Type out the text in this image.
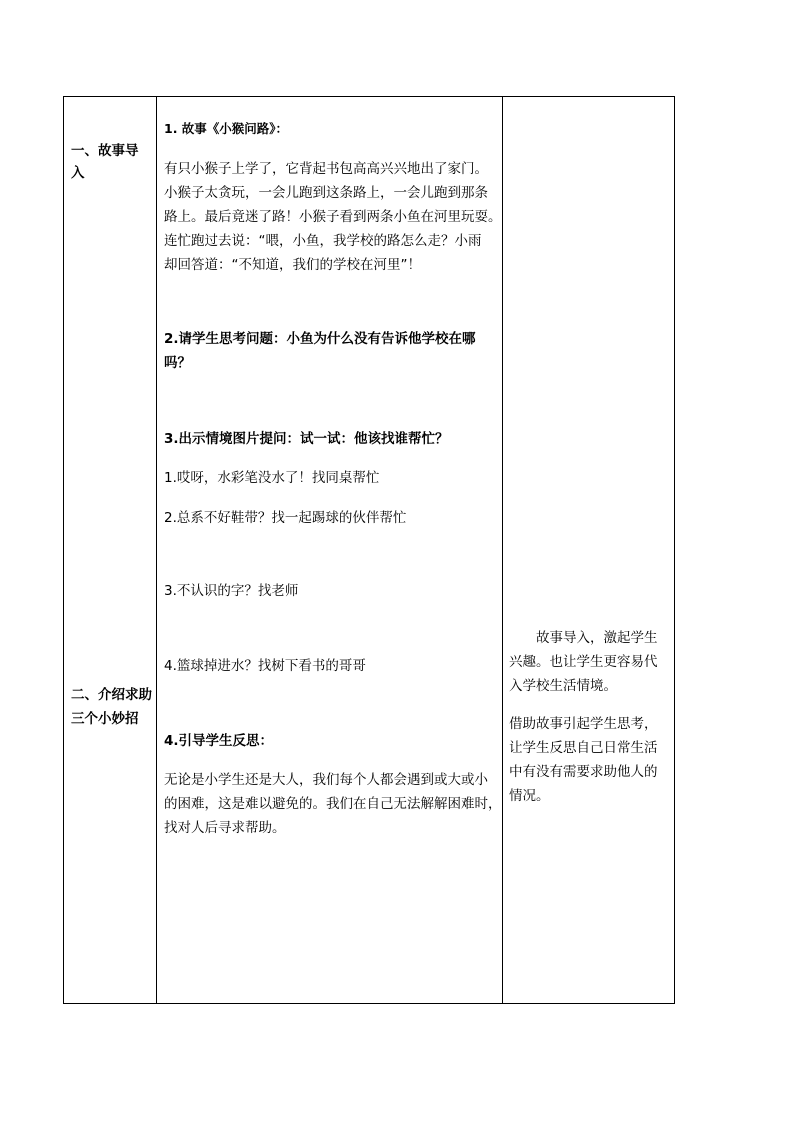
一、故事导
入
二、介绍求助
三个小妙招
1. 故事《小猴问路》：
有只小猴子上学了，它背起书包高高兴兴地出了家门。
小猴子太贪玩，一会儿跑到这条路上，一会儿跑到那条
路上。最后竟迷了路！小猴子看到两条小鱼在河里玩耍。
连忙跑过去说：“喂，小鱼，我学校的路怎么走？小雨
却回答道：“不知道，我们的学校在河里”！
2.请学生思考问题：小鱼为什么没有告诉他学校在哪
吗？
3.出示情境图片提问：试一试：他该找谁帮忙？
1.哎呀，水彩笔没水了！找同桌帮忙
2.总系不好鞋带？找一起踢球的伙伴帮忙
3.不认识的字？找老师
4.篮球掉进水？找树下看书的哥哥
4.引导学生反思：
无论是小学生还是大人，我们每个人都会遇到或大或小
的困难，这是难以避免的。我们在自己无法解解困难时，
找对人后寻求帮助。
　　故事导入，激起学生
兴趣。也让学生更容易代
入学校生活情境。
借助故事引起学生思考，
让学生反思自己日常生活
中有没有需要求助他人的
情况。
